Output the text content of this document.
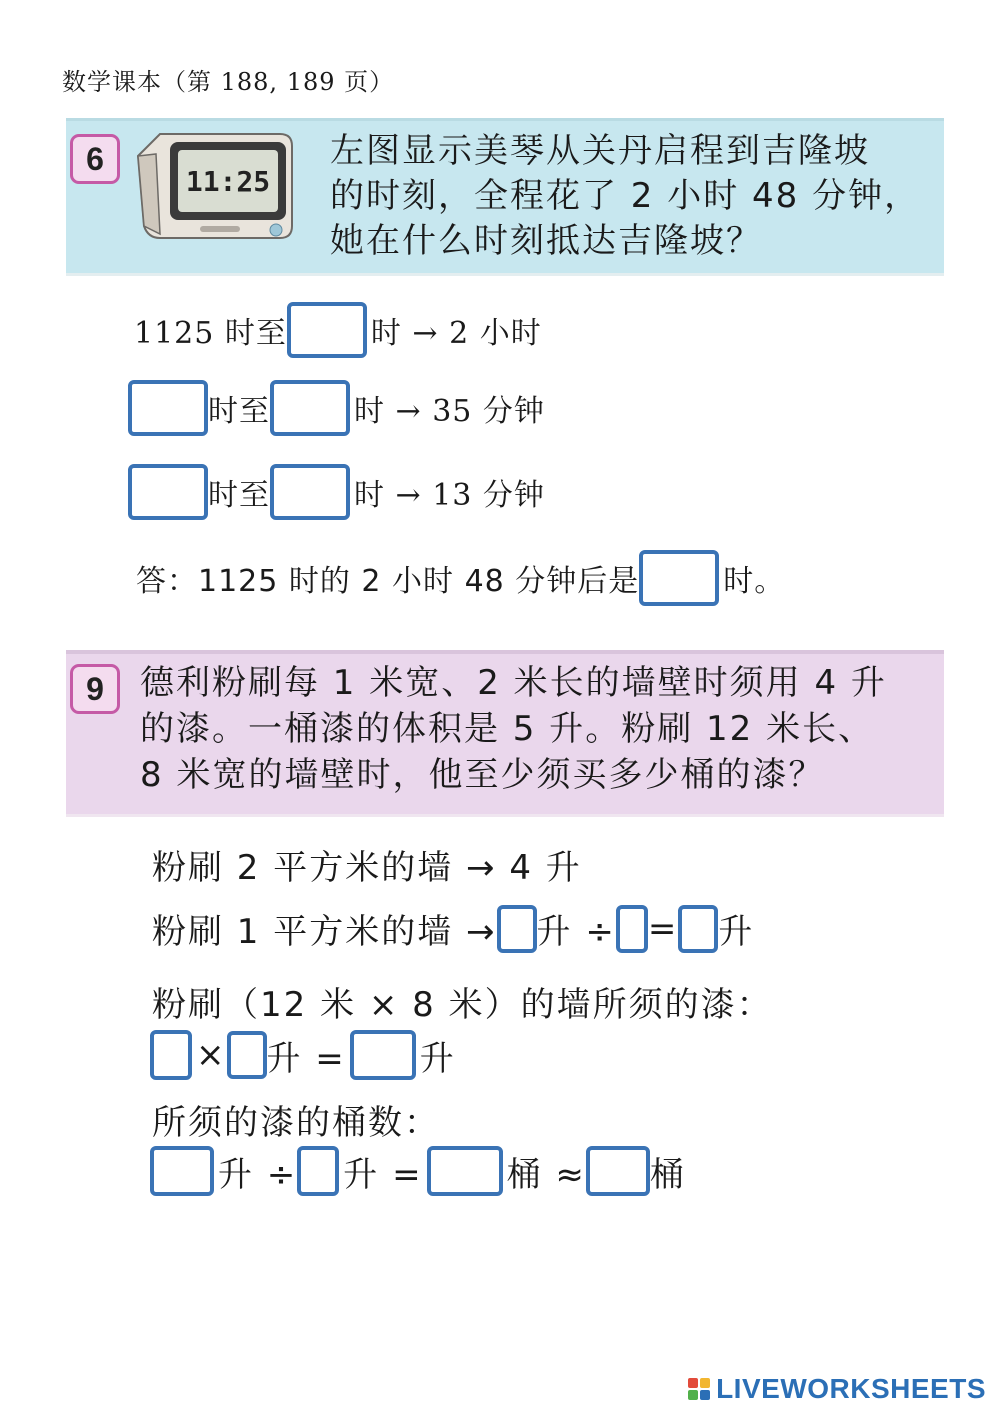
数学课本（第 188, 189 页）
6
11:25
左图显示美琴从关丹启程到吉隆坡
的时刻，全程花了 2 小时 48 分钟，
她在什么时刻抵达吉隆坡？
1125 时至	时 → 2 小时
时至	时 → 35 分钟
时至	时 → 13 分钟
答：1125 时的 2 小时 48 分钟后是	时。
9	德利粉刷每 1 米宽、2 米长的墙壁时须用 4 升
的漆。一桶漆的体积是 5 升。粉刷 12 米长、
8 米宽的墙壁时，他至少须买多少桶的漆？
粉刷 2 平方米的墙 → 4 升
粉刷 1 平方米的墙 → 升 ÷ = 升
粉刷（12 米 × 8 米）的墙所须的漆：
× 升 = 升
所须的漆的桶数：
升 ÷ 升 = 桶 ≈ 桶
LIVEWORKSHEETS
